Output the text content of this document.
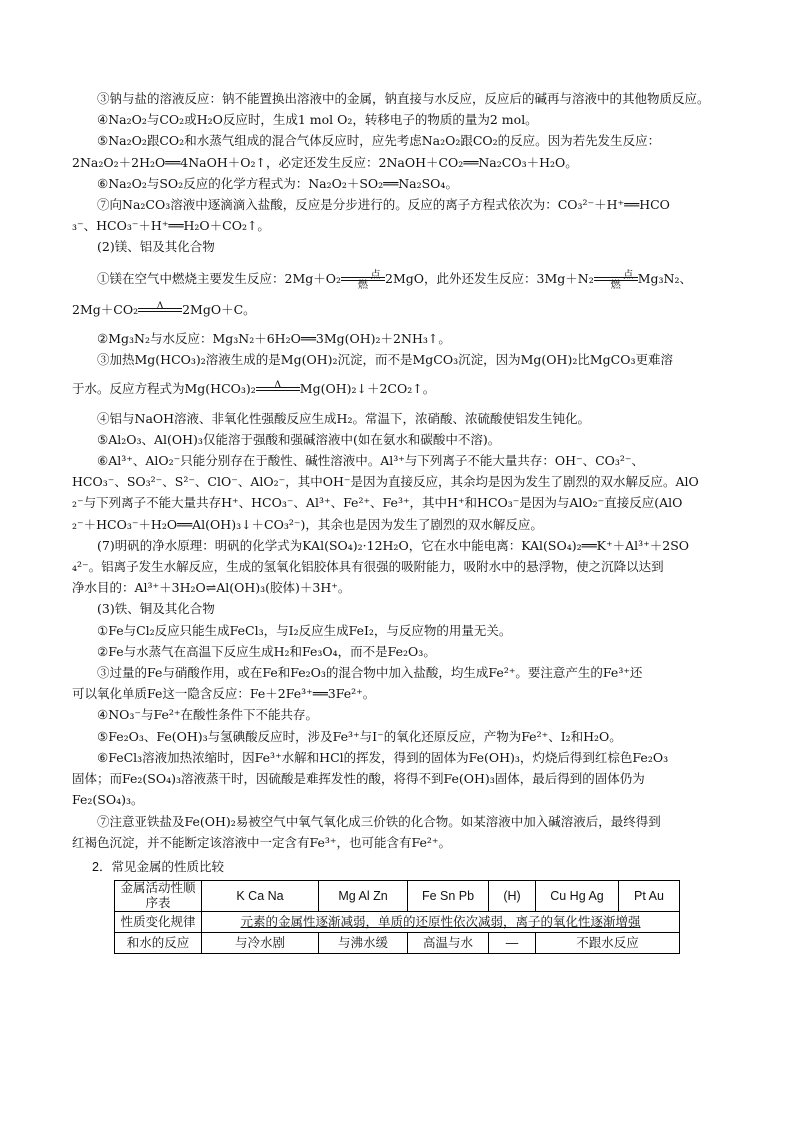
③钠与盐的溶液反应：钠不能置换出溶液中的金属，钠直接与水反应，反应后的碱再与溶液中的其他物质反应。

④Na₂O₂与CO₂或H₂O反应时，生成1 mol O₂，转移电子的物质的量为2 mol。

⑤Na₂O₂跟CO₂和水蒸气组成的混合气体反应时，应先考虑Na₂O₂跟CO₂的反应。因为若先发生反应：

2Na₂O₂＋2H₂O══4NaOH＋O₂↑，必定还发生反应：2NaOH＋CO₂══Na₂CO₃＋H₂O。

⑥Na₂O₂与SO₂反应的化学方程式为：Na₂O₂＋SO₂══Na₂SO₄。

⑦向Na₂CO₃溶液中逐滴滴入盐酸，反应是分步进行的。反应的离子方程式依次为：CO₃²⁻＋H⁺══HCO

₃⁻、HCO₃⁻＋H⁺══H₂O＋CO₂↑。

(2)镁、铝及其化合物

①镁在空气中燃烧主要发生反应：2Mg＋O₂	点燃	2MgO，此外还发生反应：3Mg＋N₂	点燃	Mg₃N₂、

2Mg＋CO₂	Δ	2MgO＋C。

②Mg₃N₂与水反应：Mg₃N₂＋6H₂O══3Mg(OH)₂＋2NH₃↑。

③加热Mg(HCO₃)₂溶液生成的是Mg(OH)₂沉淀，而不是MgCO₃沉淀，因为Mg(OH)₂比MgCO₃更难溶

于水。反应方程式为Mg(HCO₃)₂	Δ	Mg(OH)₂↓＋2CO₂↑。

④铝与NaOH溶液、非氧化性强酸反应生成H₂。常温下，浓硝酸、浓硫酸使铝发生钝化。

⑤Al₂O₃、Al(OH)₃仅能溶于强酸和强碱溶液中(如在氨水和碳酸中不溶)。

⑥Al³⁺、AlO₂⁻只能分别存在于酸性、碱性溶液中。Al³⁺与下列离子不能大量共存：OH⁻、CO₃²⁻、

HCO₃⁻、SO₃²⁻、S²⁻、ClO⁻、AlO₂⁻，其中OH⁻是因为直接反应，其余均是因为发生了剧烈的双水解反应。AlO

₂⁻与下列离子不能大量共存H⁺、HCO₃⁻、Al³⁺、Fe²⁺、Fe³⁺，其中H⁺和HCO₃⁻是因为与AlO₂⁻直接反应(AlO

₂⁻＋HCO₃⁻＋H₂O══Al(OH)₃↓＋CO₃²⁻)，其余也是因为发生了剧烈的双水解反应。

(7)明矾的净水原理：明矾的化学式为KAl(SO₄)₂·12H₂O，它在水中能电离：KAl(SO₄)₂══K⁺＋Al³⁺＋2SO

₄²⁻。铝离子发生水解反应，生成的氢氧化铝胶体具有很强的吸附能力，吸附水中的悬浮物，使之沉降以达到

净水目的：Al³⁺＋3H₂O⇌Al(OH)₃(胶体)＋3H⁺。

(3)铁、铜及其化合物

①Fe与Cl₂反应只能生成FeCl₃，与I₂反应生成FeI₂，与反应物的用量无关。

②Fe与水蒸气在高温下反应生成H₂和Fe₃O₄，而不是Fe₂O₃。

③过量的Fe与硝酸作用，或在Fe和Fe₂O₃的混合物中加入盐酸，均生成Fe²⁺。要注意产生的Fe³⁺还

可以氧化单质Fe这一隐含反应：Fe＋2Fe³⁺══3Fe²⁺。

④NO₃⁻与Fe²⁺在酸性条件下不能共存。

⑤Fe₂O₃、Fe(OH)₃与氢碘酸反应时，涉及Fe³⁺与I⁻的氧化还原反应，产物为Fe²⁺、I₂和H₂O。

⑥FeCl₃溶液加热浓缩时，因Fe³⁺水解和HCl的挥发，得到的固体为Fe(OH)₃，灼烧后得到红棕色Fe₂O₃

固体；而Fe₂(SO₄)₃溶液蒸干时，因硫酸是难挥发性的酸，将得不到Fe(OH)₃固体，最后得到的固体仍为

Fe₂(SO₄)₃。

⑦注意亚铁盐及Fe(OH)₂易被空气中氧气氧化成三价铁的化合物。如某溶液中加入碱溶液后，最终得到

红褐色沉淀，并不能断定该溶液中一定含有Fe³⁺，也可能含有Fe²⁺。

2．常见金属的性质比较

金属活动性顺序表	K Ca Na	Mg Al Zn	Fe Sn Pb	(H)	Cu Hg Ag	Pt Au
性质变化规律	元素的金属性逐渐减弱，单质的还原性依次减弱，离子的氧化性逐渐增强					
和水的反应	与冷水剧	与沸水缓	高温与水	—	不跟水反应	
